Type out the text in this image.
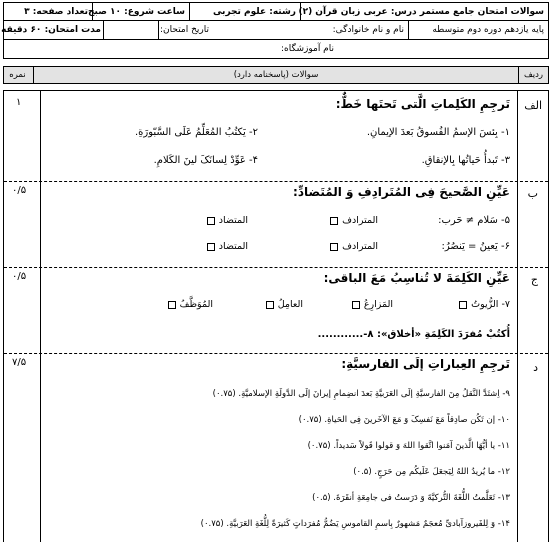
سوالات امتحان جامع مستمر درس: عربی زبان قرآن (۲)
رشته: علوم تجربی
ساعت شروع: ۱۰ صبح
تعداد صفحه: ۳
پایه یازدهم دوره دوم متوسطه
نام و نام خانوادگی:
مدت امتحان: ۶۰ دقیقه	تاریخ امتحان:
نام آموزشگاه:
ردیف
سوالات (پاسخنامه دارد)
نمره
الف
۱	تَرجِمِ الکَلِماتِ الَّتی تَحتَها خَطٌّ:
۱- بِئسَ الإسمُ الفُسوقُ بَعدَ الإیمانِ.
۲- یَکتُبُ المُعَلِّمُ عَلَی السَّبّورَةِ.
۳- تَبدأُ حَیاتُها بِالإنقاقِ.
۴- عَوِّدْ لِسانَکَ لینَ الکَلامِ.
ب
۰/۵	عَیِّنِ الصَّحیحَ فِی المُتَرادِفِ وَ المُتَضادِّ:
۵- سَلام ≠ حَرب:
المترادف
المتضاد
۶- یَعینُ = یَنصُرُ:
المترادف
المتضاد
ج
۰/۵	عَیِّنِ الکَلِمَةَ لا تُناسِبُ مَعَ الباقی:
۷- الزُّیوتُ
المَزارِعُ
العامِلُ
المُوَظَّفُ
أُکتُبْ مُفرَدَ الکَلِمَةِ «أخلاق»: ۸-............
د
۷/۵	تَرجِمِ العِباراتِ إلَی الفارسیَّةِ:
۹- اِشتَدَّ النَّقلُ مِنَ الفارسیَّةِ إلَی العَرَبیَّةِ بَعدَ انضِمامِ إیرانَ إلَی الدَّولَةِ الإسلامیَّةِ. (۰.۷۵)
۱۰- إن تَکُن صادِقاً مَعَ نَفسِکَ وَ مَعَ الآخَرینَ فِی الحَیاةِ. (۰.۷۵)
۱۱- یا أیُّهَا الَّذینَ آمَنوا اتَّقوا اللهَ وَ قولوا قَولاً سَدیداً. (۰.۷۵)
۱۲- ما یُریدُ اللهُ لِیَجعَلَ عَلَیکُم مِن حَرَجٍ. (۰.۵)
۱۳- تَعَلَّمتُ اللُّغَةَ التُّرکیَّةَ وَ دَرَستُ فی جامِعَةِ أنقَرَةَ. (۰.۵)
۱۴- وَ لِلفَیروزآبادیِّ مُعجَمٌ مَشهورٌ بِاسمِ القاموسِ یَضُمُّ مُفرَداتٍ کَثیرَةً لِلُّغَةِ العَرَبیَّةِ. (۰.۷۵)
